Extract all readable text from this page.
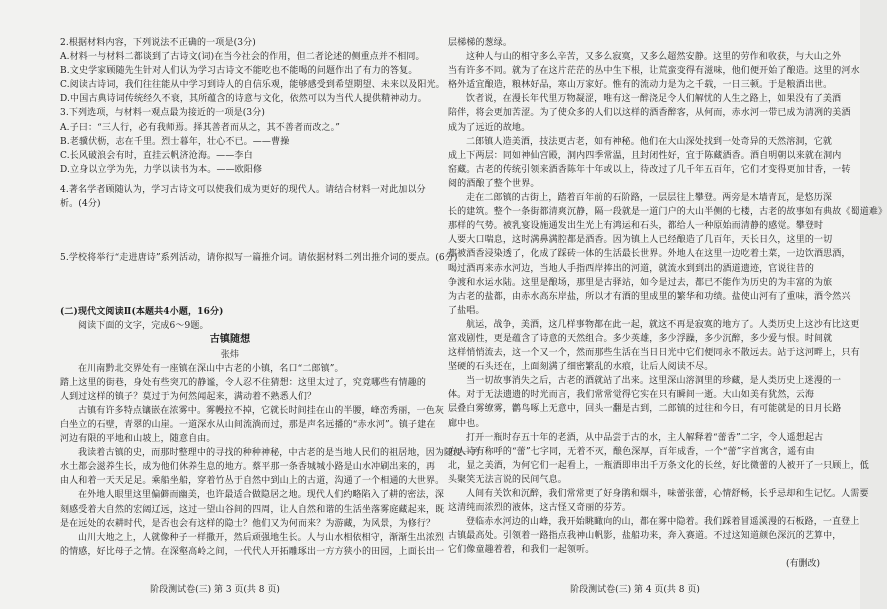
2.根据材料内容，下列说法不正确的一项是(3分)
A.材料一与材料二都谈到了古诗文(词)在当今社会的作用，但二者论述的侧重点并不相同。
B.文史学家顾随先生针对人们认为学习古诗文不能吃也不能喝的问题作出了有力的答复。
C.阅读古诗词，我们往往能从中学习到诗人的自信乐观，能够感受到希望期望、未来以及阳光。
D.中国古典诗词传统经久不衰，其所蕴含的诗意与文化，依然可以为当代人提供精神动力。
3.下列选项，与材料一观点最为接近的一项是(3分)
A.子曰：“三人行，必有我师焉。择其善者而从之，其不善者而改之。”
B.老骥伏枥，志在千里。烈士暮年，壮心不已。——曹操
C.长风破浪会有时，直挂云帆济沧海。——李白
D.立身以立学为先，力学以读书为本。——欧阳修
4.著名学者顾随认为，学习古诗文可以使我们成为更好的现代人。请结合材料一对此加以分
析。(4分)
5.学校将举行“走进唐诗”系列活动，请你拟写一篇推介词。请依据材料二列出推介词的要点。(6分)
(二)现代文阅读Ⅱ(本题共4小题，16分)
阅读下面的文字，完成6～9题。
古镇随想
张炜
在川南黔北交界处有一座镇在深山中古老的小镇，名口“二郎镇”。
踏上这里的街巷，身处有些突兀的静谧，令人忍不住猜想：这里太过了，究竟哪些有情趣的
人到过这样的镇子？莫过于为何然闻起来，满动着不熟悉人们？
古镇有许多特点镶嵌在浓雾中。雾幔拉不掉，它就长时间挂在山的半腰，峰峦秀丽，一色灰
白坐立的石壁，青翠的山崖。一道深水从山间流淌而过，那是声名远播的“赤水河”。镇子建在
河边有限的平地和山坡上，随意自由。
我读着古镇的史，而那时整理中的寻找的种种神秘，中古老的是当地人民们的祖居地，因为随便一方
水土都会滋养生长，成为他们休养生息的地方。蔡平那一条香城城小路是山水冲刷出来的，再
由人和着一天天足足。乘船坐船，穿着竹丛于自然中到山上的古道，沟通了一个相通的大世界。
在外地人眼里这里偏僻而幽美，也许最适合做隐居之地。现代人们约略陷入了耕的密法，深
刻感受着大自然的宏阔辽远，这过一望山谷间的四周，让人自然和谐的生活坐落雾庭藏起来，既
是在远处的农耕时代，是否也会有这样的隐士？他们又为何而来？为游藏，为风景，为修行？
山川大地之上，人就像种子一样撒开，然后顽强地生长。人与山水相依相守，渐渐生出浓烈
的情感，好比母子之情。在深壑高岭之间，一代代人开拓雕琢出一方方狭小的田园，上面长出一
阶段测试卷(三) 第 3 页(共 8 页)
层梯梯的葱绿。
这种人与山的相守多么辛苦，又多么寂寞，又多么超然安静。这里的劳作和收获，与大山之外
当有许多不同。就为了在这片茫茫的丛中生下根，让荒蛮变得有滋味，他们便开始了酿造。这里的河水
格外适宜酿造，粮林好品，寒山万家好。惟有的流动力是为之千载，一日三顿。于是粮酒出世。
饮者说，在漫长年代里万物凝涩，唯有这一醉浇足令人们解忧的人生之路上，如果没有了美酒
陪伴，将会更加苦涩。为了使众多的人们以这样的酒香醉客，从何而，赤水河一带已成为清冽的美酒
成为了远近的故地。
二郎镇人造美酒，技法更古老，如有神秘。他们在大山深处找到一处奇异的天然溶洞，它就
成上下两层：同如神仙宫殿，洞内四季常温，且封闭性好，宜于陈藏酒香。酒自明朝以来就在洞内
窑藏。古老的传统引领来酒香陈年十年或以上，待改过了几千年五百年，它们才变得更加甘香，一转
阅的酒酿了整个世界。
走在二郎镇的古街上，踏着百年前的石阶路，一层层往上攀登。两旁是木墙青瓦，是悠历深
长的建筑。整个一条街都清爽沉静，隔一段就是一道门户的大山半侧的七楼，古老的故事如有典故《蜀道难》
那样的气势。被乳宴设施通发出生光上有鸿运和石头，都给人一种原始而清静的感觉。攀登时
人要大口喘息，这时满鼻满腔都是酒香。因为镇上人已经酿造了几百年，天长日久，这里的一切
都被酒香浸染透了，化成了踩砖一体的生活最长世界。外地人在这里一边吃着土菜，一边饮酒思酒，
喝过酒再来赤水河边，当地人手指西岸捧出的河道，就流水到到出的酒道遗迹，官说往昔的
争渡和水运水陆。这里是酿场，那里是古驿站，如今是过去，都已不能作为历史的为丰富的为旅
为古老的盐都，由赤水高东岸盐，所以才有酒的里成里的繁华和功绩。盐使山河有了重味，酒令然兴
了盐唱。
航运，战争，美酒，这几样事物都在此一起，就这不再是寂寞的地方了。人类历史上这沙有比这更
富戏剧性，更是蕴含了诗意的天然组合。多少英雄，多少浮躁，多少沉醉，多少爱与恨。时间就
这样悄悄流去，这一个又一个，然而那些生活在当日日光中它们便同永不散远去。站于这河畔上，只有
坚硬的石头还在，上面刻满了细密繁乱的水痕，让后人阅读不尽。
当一切故事消失之后，古老的酒就站了出来。这里深山溶洞里的珍藏，是人类历史上迷漫的一
体。对于无法遗遗的时光而言，我们常常觉得它实在只有瞬间一逝。大山如美有犹然，云海
层叠白雾缭雾，鹳鸟啄上无意中，回头一翻是古到，二郎镇的过往和今日，有可能就是的日月长路
廊中也。
打开一瓶时存五十年的老酒，从中品尝于古的水，主人解释着“蕾香”二字，令人遥想起古
方人诗有称呼的“蕾”七字同，无着不灭，酿色深厚，百年成香，一个“蕾”字首寓含，遥有由
北，显之美酒，为何它们一起看上，一瓶酒即串出千万条文化的长丝，好比微蕾的人被开了一只顾上，低
头聚笑无法言说的民间气息。
人间有关饮和沉醉，我们常常更了好身鹃和烟斗，味蕾张蕾，心情舒畅，长乎忌却和生记忆。人需要
这清纯而浓烈的液体，这古怪又奇丽的芬芳。
登临赤水河边的山峰，我开始眺瞰向的山，都在雾中隐着。我们踩着冒遥溪漫的石板路，一直登上
古镇最高处。引领着一路指点我神山帆影，盐船功来，奔入赛道。不过这知道颜色深沉的艺算中，
它们像童趣着着，和我们一起领听。
(有删改)
阶段测试卷(三) 第 4 页(共 8 页)
